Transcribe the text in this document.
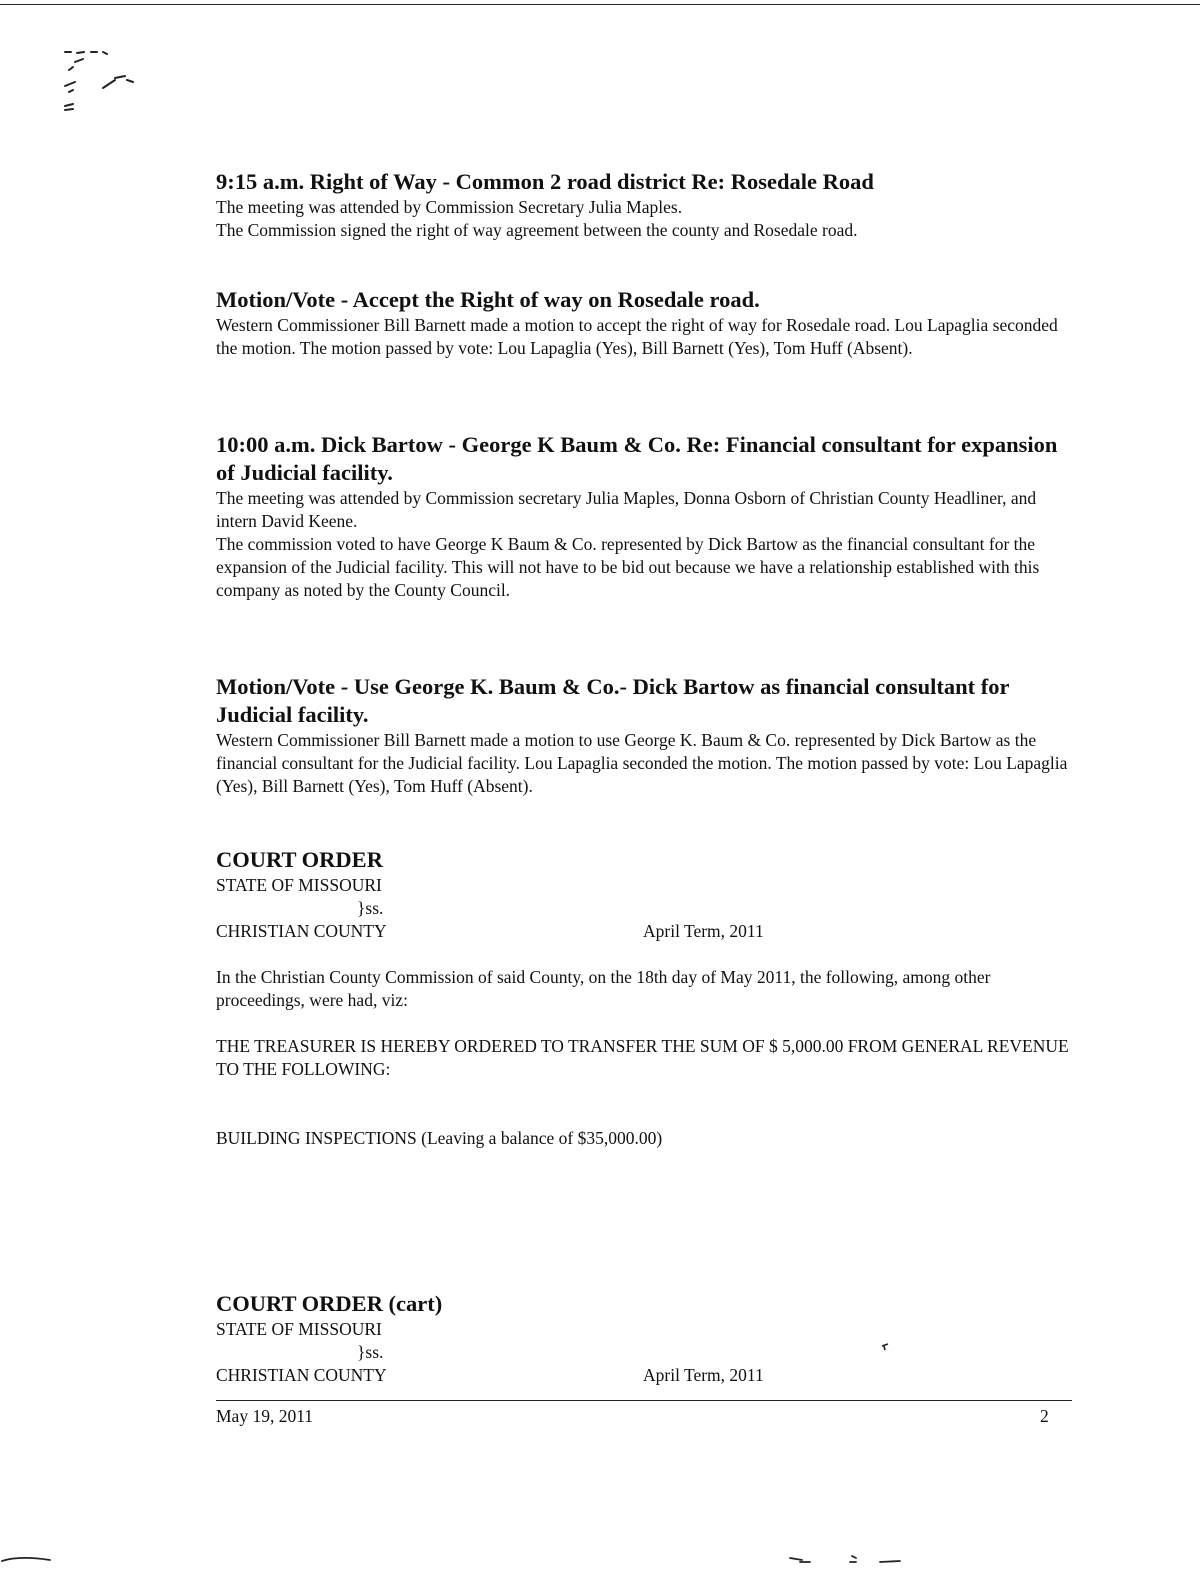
9:15 a.m. Right of Way - Common 2 road district Re: Rosedale Road

The meeting was attended by Commission Secretary Julia Maples.

The Commission signed the right of way agreement between the county and Rosedale road.

Motion/Vote - Accept the Right of way on Rosedale road.

Western Commissioner Bill Barnett made a motion to accept the right of way for Rosedale road. Lou Lapaglia seconded the motion. The motion passed by vote: Lou Lapaglia (Yes), Bill Barnett (Yes), Tom Huff (Absent).

10:00 a.m. Dick Bartow - George K Baum & Co. Re: Financial consultant for expansion of Judicial facility.

The meeting was attended by Commission secretary Julia Maples, Donna Osborn of Christian County Headliner, and intern David Keene.

The commission voted to have George K Baum & Co. represented by Dick Bartow as the financial consultant for the expansion of the Judicial facility. This will not have to be bid out because we have a relationship established with this company as noted by the County Council.

Motion/Vote - Use George K. Baum & Co.- Dick Bartow as financial consultant for Judicial facility.

Western Commissioner Bill Barnett made a motion to use George K. Baum & Co. represented by Dick Bartow as the financial consultant for the Judicial facility. Lou Lapaglia seconded the motion. The motion passed by vote: Lou Lapaglia (Yes), Bill Barnett (Yes), Tom Huff (Absent).

COURT ORDER
STATE OF MISSOURI
}ss.
CHRISTIAN COUNTY	April Term, 2011

In the Christian County Commission of said County, on the 18th day of May 2011, the following, among other proceedings, were had, viz:

THE TREASURER IS HEREBY ORDERED TO TRANSFER THE SUM OF $ 5,000.00 FROM GENERAL REVENUE TO THE FOLLOWING:

BUILDING INSPECTIONS (Leaving a balance of $35,000.00)

COURT ORDER (cart)
STATE OF MISSOURI
}ss.
CHRISTIAN COUNTY	April Term, 2011
May 19, 2011	2
